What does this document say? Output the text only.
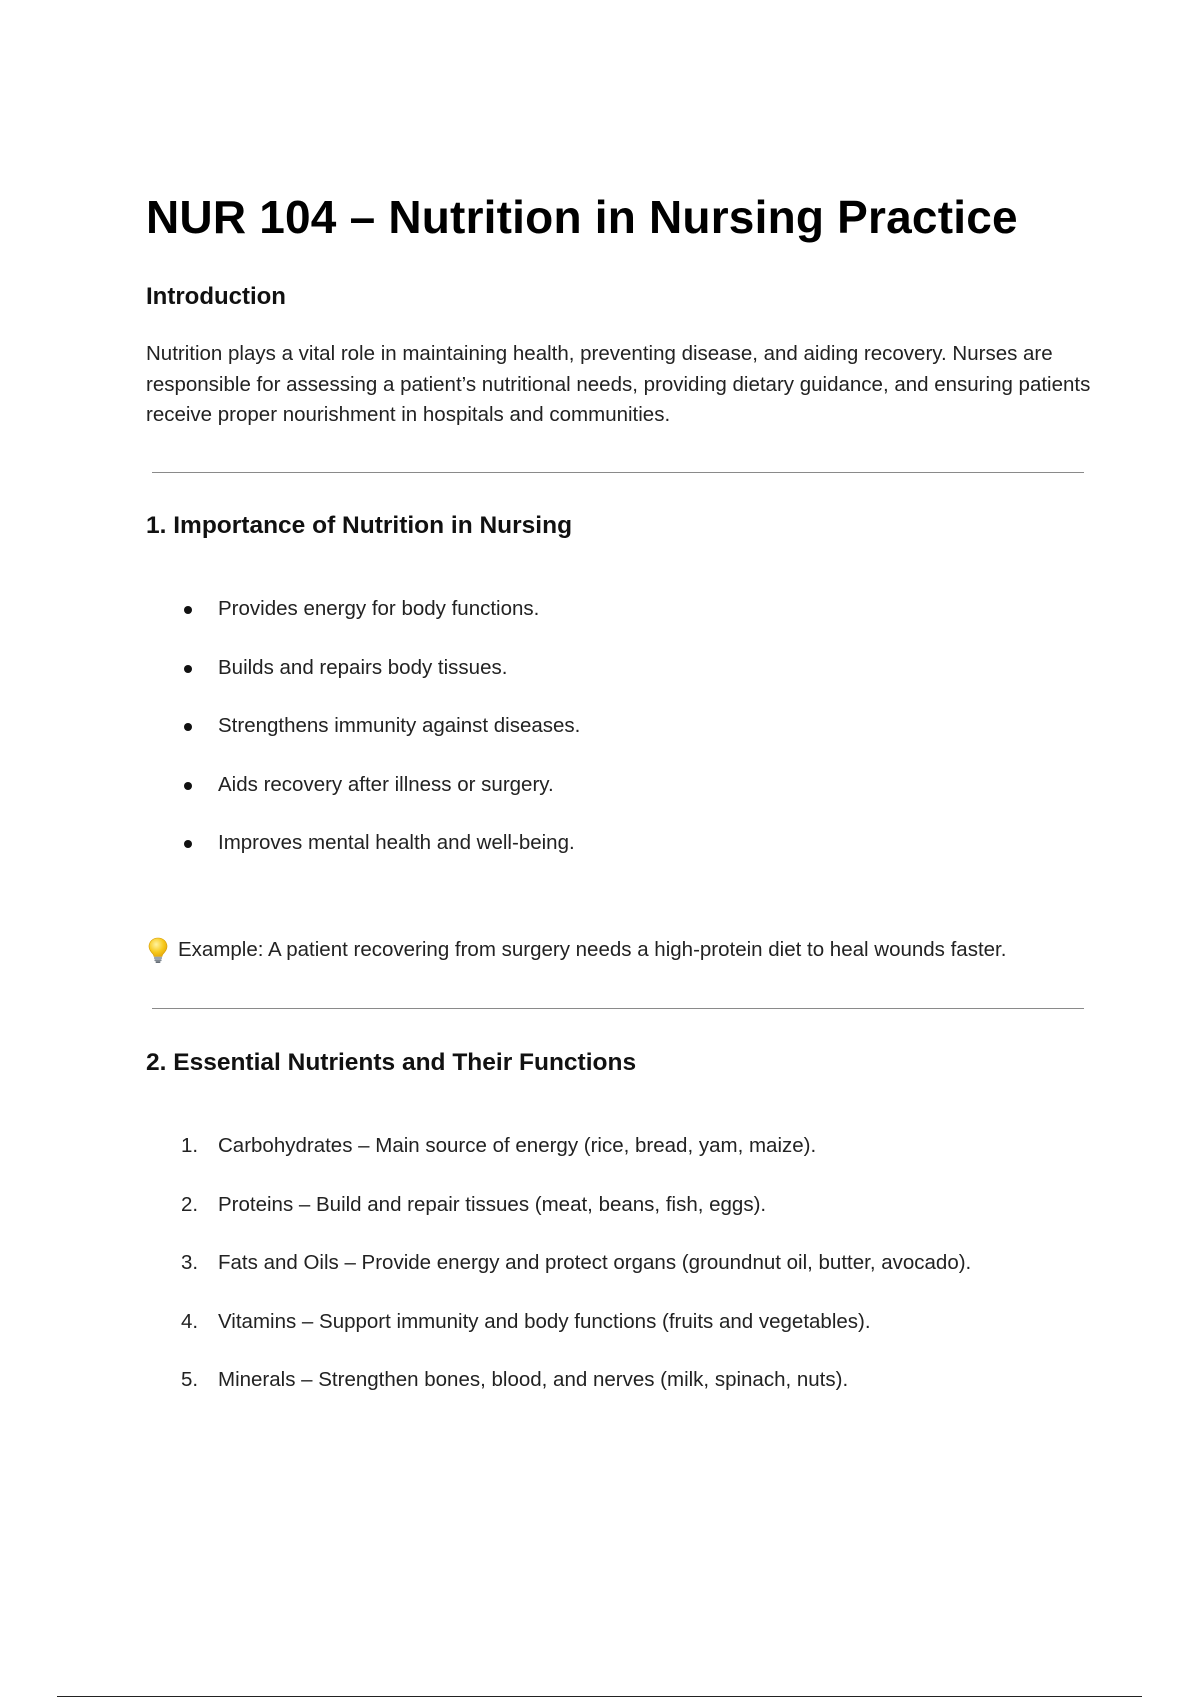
NUR 104 – Nutrition in Nursing Practice
Introduction

Nutrition plays a vital role in maintaining health, preventing disease, and aiding recovery. Nurses are responsible for assessing a patient’s nutritional needs, providing dietary guidance, and ensuring patients receive proper nourishment in hospitals and communities.

1. Importance of Nutrition in Nursing
Provides energy for body functions.
Builds and repairs body tissues.
Strengthens immunity against diseases.
Aids recovery after illness or surgery.
Improves mental health and well-being.
Example: A patient recovering from surgery needs a high-protein diet to heal wounds faster.
2. Essential Nutrients and Their Functions
1. Carbohydrates – Main source of energy (rice, bread, yam, maize).
2. Proteins – Build and repair tissues (meat, beans, fish, eggs).
3. Fats and Oils – Provide energy and protect organs (groundnut oil, butter, avocado).
4. Vitamins – Support immunity and body functions (fruits and vegetables).
5. Minerals – Strengthen bones, blood, and nerves (milk, spinach, nuts).
